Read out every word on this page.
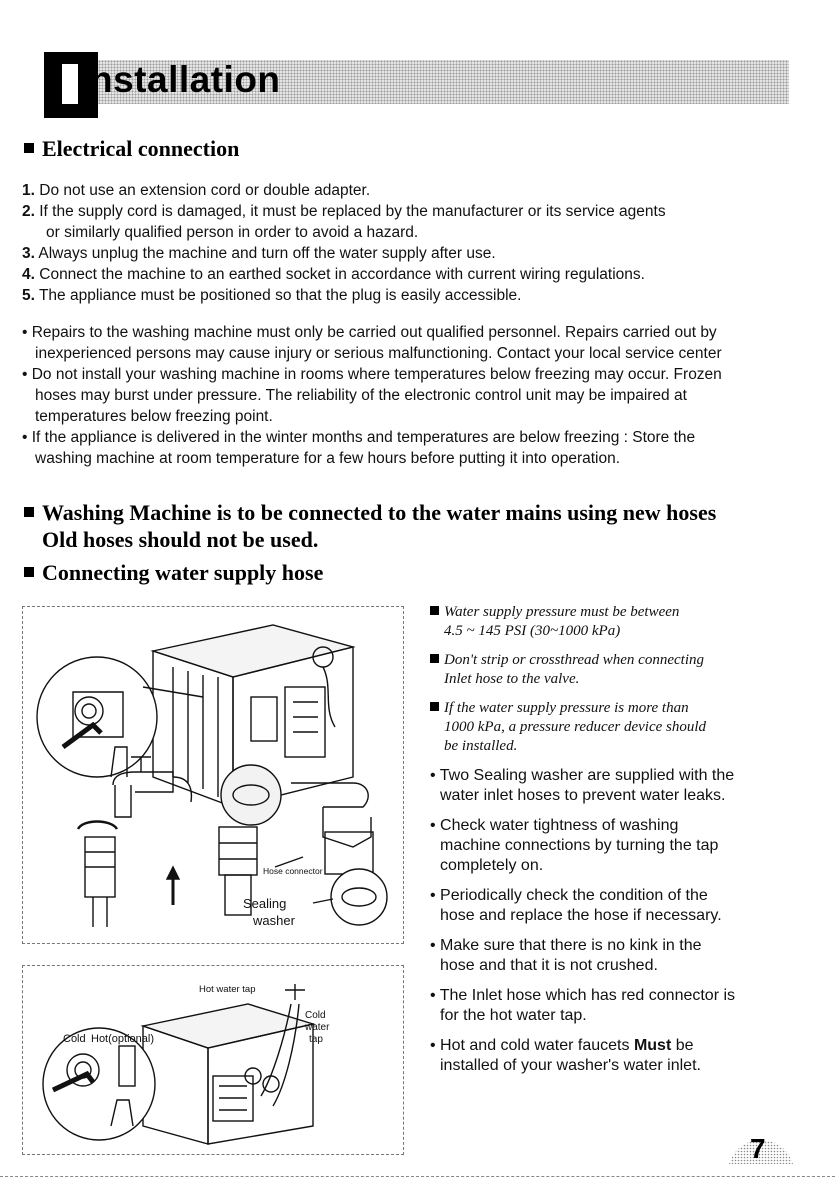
nstallation
Electrical connection
1. Do not use an extension cord or double adapter.
2. If the supply cord is damaged, it must be replaced by the manufacturer or its service agents
or similarly qualified person in order to avoid a hazard.
3. Always unplug the machine and turn off the water supply after use.
4. Connect the machine to an earthed socket in accordance with current wiring regulations.
5. The appliance must be positioned so that the plug is easily accessible.
• Repairs to the washing machine must only be carried out qualified personnel. Repairs carried out by
inexperienced persons may cause injury or serious malfunctioning. Contact your local service center
• Do not install your washing machine in rooms where temperatures below freezing may occur. Frozen
hoses may burst under pressure. The reliability of the electronic control unit may be impaired at
temperatures below freezing point.
• If the appliance is delivered in the winter months and temperatures are below freezing : Store the
washing machine at room temperature for a few hours before putting it into operation.
Washing Machine is to be connected to the water mains using new hoses
Old hoses should not be used.
Connecting water supply hose
Hose connector
Sealing
washer
Hot water tap
Cold Hot(optional)
Cold
water
tap
Water supply pressure must be between
4.5 ~ 145 PSI (30~1000 kPa)
Don't strip or crossthread when connecting
Inlet hose to the valve.
If the water supply pressure is more than
1000 kPa, a pressure reducer device should
be installed.
• Two Sealing washer are supplied with the
water inlet hoses to prevent water leaks.
• Check water tightness of washing
machine connections by turning the tap
completely on.
• Periodically check the condition of the
hose and replace the hose if necessary.
• Make sure that there is no kink in the
hose and that it is not crushed.
• The Inlet hose which has red connector is
for the hot water tap.
• Hot and cold water faucets Must be
installed of your washer's water inlet.
7
